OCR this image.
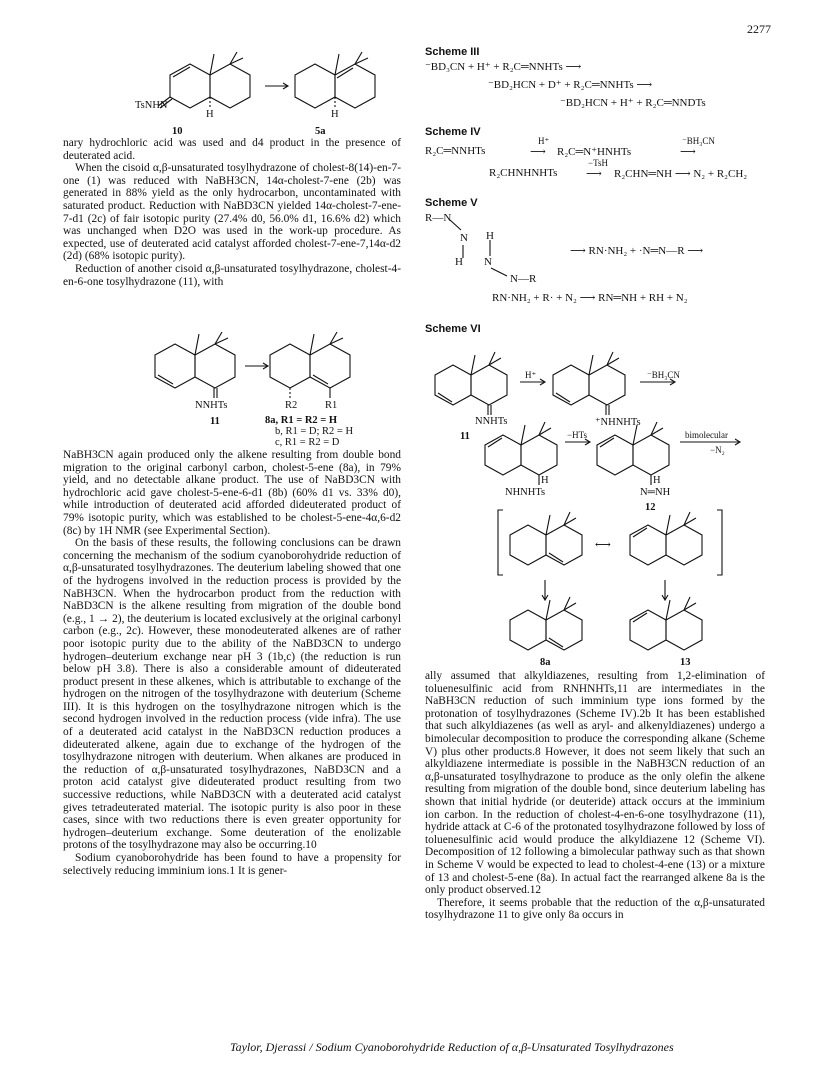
2277
TsNHN
H	H
10	5a

nary hydrochloric acid was used and d4 product in the presence of deuterated acid.

When the cisoid α,β-unsaturated tosylhydrazone of cholest-8(14)-en-7-one (1) was reduced with NaBH3CN, 14α-cholest-7-ene (2b) was generated in 88% yield as the only hydrocarbon, uncontaminated with saturated product. Reduction with NaBD3CN yielded 14α-cholest-7-ene-7-d1 (2c) of fair isotopic purity (27.4% d0, 56.0% d1, 16.6% d2) which was unchanged when D2O was used in the work-up procedure. As expected, use of deuterated acid catalyst afforded cholest-7-ene-7,14α-d2 (2d) (68% isotopic purity).

Reduction of another cisoid α,β-unsaturated tosylhydrazone, cholest-4-en-6-one tosylhydrazone (11), with

NNHTs
11
R2	R1
8a, R1 = R2 = H
b, R1 = D; R2 = H
c, R1 = R2 = D

NaBH3CN again produced only the alkene resulting from double bond migration to the original carbonyl carbon, cholest-5-ene (8a), in 79% yield, and no detectable alkane product. The use of NaBD3CN with hydrochloric acid gave cholest-5-ene-6-d1 (8b) (60% d1 vs. 33% d0), while introduction of deuterated acid afforded dideuterated product of 79% isotopic purity, which was established to be cholest-5-ene-4α,6-d2 (8c) by 1H NMR (see Experimental Section).

On the basis of these results, the following conclusions can be drawn concerning the mechanism of the sodium cyanoborohydride reduction of α,β-unsaturated tosylhydrazones. The deuterium labeling showed that one of the hydrogens involved in the reduction process is provided by the NaBH3CN. When the hydrocarbon product from the reduction with NaBD3CN is the alkene resulting from migration of the double bond (e.g., 1 → 2), the deuterium is located exclusively at the original carbonyl carbon (e.g., 2c). However, these monodeuterated alkenes are of rather poor isotopic purity due to the ability of the NaBD3CN to undergo hydrogen–deuterium exchange near pH 3 (1b,c) (the reduction is run below pH 3.8). There is also a considerable amount of dideuterated product present in these alkenes, which is attributable to exchange of the hydrogen on the nitrogen of the tosylhydrazone with deuterium (Scheme III). It is this hydrogen on the tosylhydrazone nitrogen which is the second hydrogen involved in the reduction process (vide infra). The use of a deuterated acid catalyst in the NaBD3CN reduction produces a dideuterated alkene, again due to exchange of the hydrogen of the tosylhydrazone nitrogen with deuterium. When alkanes are produced in the reduction of α,β-unsaturated tosylhydrazones, NaBD3CN and a proton acid catalyst give dideuterated product resulting from two successive reductions, while NaBD3CN with a deuterated acid catalyst gives tetradeuterated material. The isotopic purity is also poor in these cases, since with two reductions there is even greater opportunity for hydrogen–deuterium exchange. Some deuteration of the enolizable protons of the tosylhydrazone may also be occurring.10

Sodium cyanoborohydride has been found to have a propensity for selectively reducing imminium ions.1 It is gener-

Scheme III
⁻BD₃CN + H⁺ + R₂C═NNHTs ⟶
⁻BD₂HCN + D⁺ + R₂C═NNHTs ⟶
⁻BD₂HCN + H⁺ + R₂C═NNDTs
Scheme IV
R₂C═NNHTs
H⁺
⟶ R₂C═N⁺HNHTs
⁻BH₃CN
⟶
R₂CHNHNHTs
−TsH
⟶ R₂CHN═NH ⟶ N₂ + R₂CH₂
Scheme V
R—N
N H
H N
N—R
⟶ RN·NH₂ + ·N═N—R ⟶
RN·NH₂ + R· + N₂ ⟶ RN═NH + RH + N₂
Scheme VI
⟷
H⁺	⁻BH₃CN
NNHTs
11
⁺NHNHTs
−HTs	bimolecular
−N₂
H
NHNHTs
H
N═NH
12
8a	13

ally assumed that alkyldiazenes, resulting from 1,2-elimination of toluenesulfinic acid from RNHNHTs,11 are intermediates in the NaBH3CN reduction of such imminium type ions formed by the protonation of tosylhydrazones (Scheme IV).2b It has been established that such alkyldiazenes (as well as aryl- and alkenyldiazenes) undergo a bimolecular decomposition to produce the corresponding alkane (Scheme V) plus other products.8 However, it does not seem likely that such an alkyldiazene intermediate is possible in the NaBH3CN reduction of an α,β-unsaturated tosylhydrazone to produce as the only olefin the alkene resulting from migration of the double bond, since deuterium labeling has shown that initial hydride (or deuteride) attack occurs at the imminium ion carbon. In the reduction of cholest-4-en-6-one tosylhydrazone (11), hydride attack at C-6 of the protonated tosylhydrazone followed by loss of toluenesulfinic acid would produce the alkyldiazene 12 (Scheme VI). Decomposition of 12 following a bimolecular pathway such as that shown in Scheme V would be expected to lead to cholest-4-ene (13) or a mixture of 13 and cholest-5-ene (8a). In actual fact the rearranged alkene 8a is the only product observed.12

Therefore, it seems probable that the reduction of the α,β-unsaturated tosylhydrazone 11 to give only 8a occurs in

Taylor, Djerassi / Sodium Cyanoborohydride Reduction of α,β-Unsaturated Tosylhydrazones
